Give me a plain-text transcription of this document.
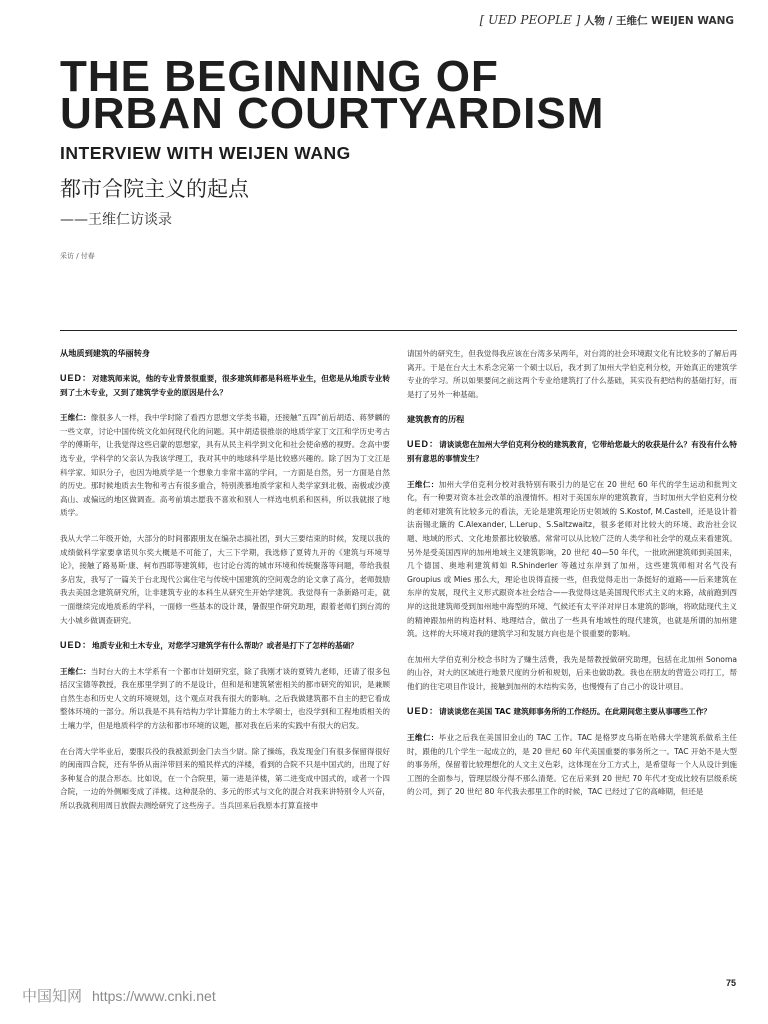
[ UED PEOPLE ] 人物 / 王维仁 WEIJEN WANG
THE BEGINNING OF
URBAN COURTYARDISM
INTERVIEW WITH WEIJEN WANG
都市合院主义的起点
——王维仁访谈录
采访 / 付春
从地质到建筑的华丽转身

UED：对建筑师来说，他的专业背景很重要，很多建筑师都是科班毕业生，但您是从地质专业转到了土木专业，又到了建筑学专业的原因是什么？

王维仁：像很多人一样，我中学时除了看西方思想文学类书籍，还接触“五四”前后胡适、蒋梦麟的一些文章，讨论中国传统文化如何现代化的问题。其中胡适很推崇的地质学家丁文江和学历史考古学的傅斯年，让我觉得这些启蒙的思想家，具有从民主科学到文化和社会使命感的视野。念高中要选专业，学科学的父亲认为我该学理工，我对其中的地球科学是比较感兴趣的。除了因为丁文江是科学家、知识分子，也因为地质学是一个想象力非常丰富的学问，一方面是自然，另一方面是自然的历史。那时候地质去生物和考古有很多重合，特别羡慕地质学家和人类学家到北极、南极或沙漠高山、或偏远的地区做调查。高考前填志愿我不喜欢和别人一样选电机系和医科，所以我就报了地质学。

我从大学二年级开始，大部分的时间都跟朋友在编杂志搞社团，到大三要结束的时候，发现以我的成绩做科学家要拿诺贝尔奖大概是不可能了，大三下学期，我选修了夏铸九开的《建筑与环境导论》，接触了路易斯·康、柯布西耶等建筑师，也讨论台湾的城市环境和传统聚落等问题，带给我很多启发，我写了一篇关于台北现代公寓住宅与传统中国建筑的空间观念的论文拿了高分，老师鼓励我去美国念建筑研究所，让非建筑专业的本科生从研究生开始学建筑。我觉得有一条新路可走，就一面继续完成地质系的学科，一面修一些基本的设计课，暑假里作研究助理，跟着老师们到台湾的大小城乡做调查研究。

UED：地质专业和土木专业，对您学习建筑学有什么帮助？或者是打下了怎样的基础？

王维仁：当时台大的土木学系有一个都市计划研究室，除了我刚才谈的夏铸九老师，还请了很多包括汉宝德等教授，我在那里学到了的不是设计，但和是和建筑紧密相关的都市研究的知识，是兼顾自然生态和历史人文的环境规划，这个观点对我有很大的影响。之后我做建筑都不自主的把它看成整体环境的一部分。所以我是不具有结构力学计算能力的土木学硕士，也没学到和工程地质相关的土壤力学，但是地质科学的方法和都市环境的议题，都对我在后来的实践中有很大的启发。

在台湾大学毕业后，要服兵役的我被派到金门去当少尉。除了操练，我发现金门有很多保留得很好的闽南四合院，还有华侨从南洋带回来的殖民样式的洋楼，看到的合院不只是中国式的，出现了好多种复合的混合形态。比如说，在一个合院里，第一进是洋楼，第二进变成中国式的，或者一个四合院，一边的外侧厢变成了洋楼。这种混杂的、多元的形式与文化的混合对我来讲特别令人兴奋，所以我就利用周日放假去测绘研究了这些房子。当兵回来后我原本打算直接申

请国外的研究生，但我觉得我应该在台湾多呆两年，对台湾的社会环境跟文化有比较多的了解后再离开。于是在台大土木系念完第一个硕士以后，我才到了加州大学伯克利分校，开始真正的建筑学专业的学习。所以如果要问之前这两个专业给建筑打了什么基础，其实没有把结构的基础打好，而是打了另外一种基础。

建筑教育的历程

UED：请谈谈您在加州大学伯克利分校的建筑教育，它带给您最大的收获是什么？有没有什么特别有意思的事情发生？

王维仁：加州大学伯克利分校对我特别有吸引力的是它在 20 世纪 60 年代的学生运动和批判文化，有一种要对资本社会改革的浪漫情怀。相对于美国东岸的建筑教育，当时加州大学伯克利分校的老师对建筑有比较多元的看法，无论是建筑理论历史领域的 S.Kostof, M.Castell，还是设计着法南锡北簸的 C.Alexander, L.Lerup、S.Saltzwaitz，很多老师对比较大的环境、政治社会议题、地域的形式、文化地景都比较敏感。常常可以从比较广泛的人类学和社会学的观点来看建筑。另外是受美国西岸的加州地域主义建筑影响，20 世纪 40—50 年代，一批欧洲建筑师到美国来，几个德国、奥地利建筑师如 R.Shinderler 等越过东岸到了加州，这些建筑师相对名气没有 Groupius 或 Mies 那么大，理论也说得直接一些，但我觉得走出一条挺好的道路——后来建筑在东岸的发展，现代主义形式跟资本社会结合——我觉得这是美国现代形式主义的末路，战前跑到西岸的这批建筑师受到加州地中海型的环境、气候还有太平洋对岸日本建筑的影响，将欧陆现代主义的精神跟加州的构造材料、地理结合，做出了一些具有地域性的现代建筑，也就是所谓的加州建筑。这样的大环境对我的建筑学习和发展方向也是个很重要的影响。

在加州大学伯克利分校念书时为了赚生活费，我先是帮教授做研究助理，包括在北加州 Sonoma 的山谷，对大的区域进行地景尺度的分析和规划，后来也做助教。我也在朋友的营造公司打工，帮他们的住宅项目作设计，接触到加州的木结构实务，也慢慢有了自己小的设计项目。

UED：请谈谈您在美国 TAC 建筑师事务所的工作经历。在此期间您主要从事哪些工作？

王维仁：毕业之后我在美国旧金山的 TAC 工作。TAC 是格罗皮乌斯在哈佛大学建筑系做系主任时，跟他的几个学生一起成立的，是 20 世纪 60 年代美国重要的事务所之一。TAC 开始不是大型的事务所，保留着比较理想化的人文主义色彩，这体现在分工方式上，是希望每一个人从设计到施工图的全面参与，管理层级分得不那么清楚。它在后来到 20 世纪 70 年代才变成比较有层级系统的公司，到了 20 世纪 80 年代我去那里工作的时候，TAC 已经过了它的高峰期，但还是

75
中国知网 https://www.cnki.net
